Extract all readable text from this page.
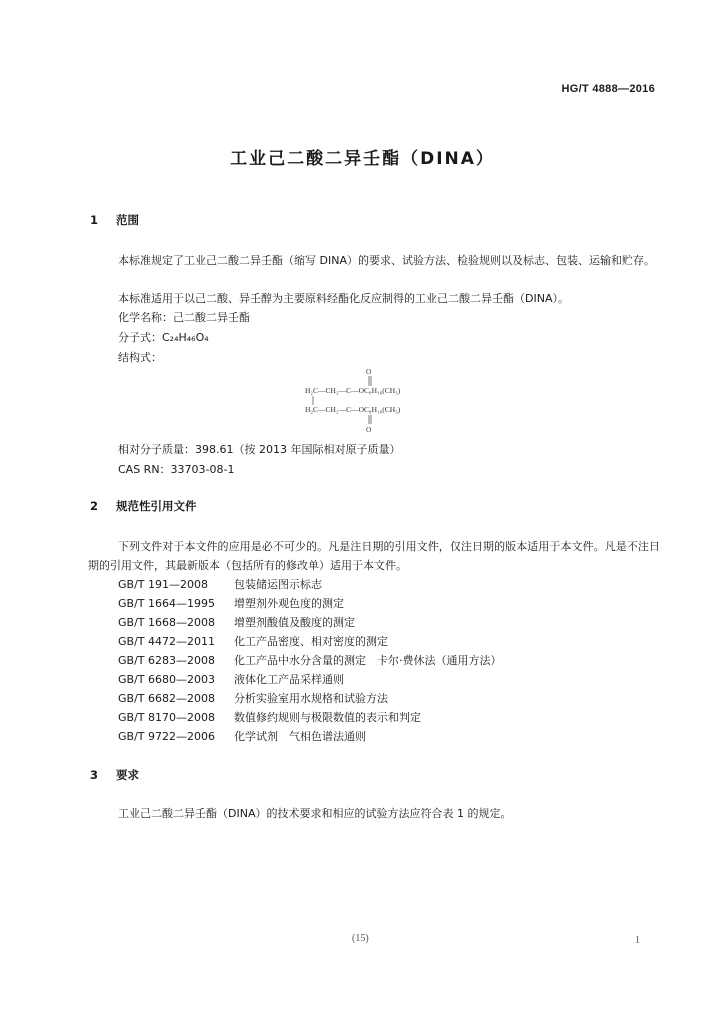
HG/T 4888—2016
工业己二酸二异壬酯（DINA）
1 范围

本标准规定了工业己二酸二异壬酯（缩写 DINA）的要求、试验方法、检验规则以及标志、包装、运输和贮存。

本标准适用于以己二酸、异壬醇为主要原料经酯化反应制得的工业己二酸二异壬酯（DINA）。

化学名称：己二酸二异壬酯
分子式：C₂₄H₄₆O₄
结构式：
O
H₂C—CH₂—C—OC₈H₁₆(CH₃)
H₂C—CH₂—C—OC₈H₁₆(CH₃)
O
相对分子质量：398.61（按 2013 年国际相对原子质量）
CAS RN：33703-08-1
2 规范性引用文件

下列文件对于本文件的应用是必不可少的。凡是注日期的引用文件，仅注日期的版本适用于本文件。凡是不注日期的引用文件，其最新版本（包括所有的修改单）适用于本文件。

GB/T 191—2008 包装储运图示标志
GB/T 1664—1995 增塑剂外观色度的测定
GB/T 1668—2008 增塑剂酸值及酸度的测定
GB/T 4472—2011 化工产品密度、相对密度的测定
GB/T 6283—2008 化工产品中水分含量的测定　卡尔·费休法（通用方法）
GB/T 6680—2003 液体化工产品采样通则
GB/T 6682—2008 分析实验室用水规格和试验方法
GB/T 8170—2008 数值修约规则与极限数值的表示和判定
GB/T 9722—2006 化学试剂　气相色谱法通则
3 要求

工业己二酸二异壬酯（DINA）的技术要求和相应的试验方法应符合表 1 的规定。

(15)	1
